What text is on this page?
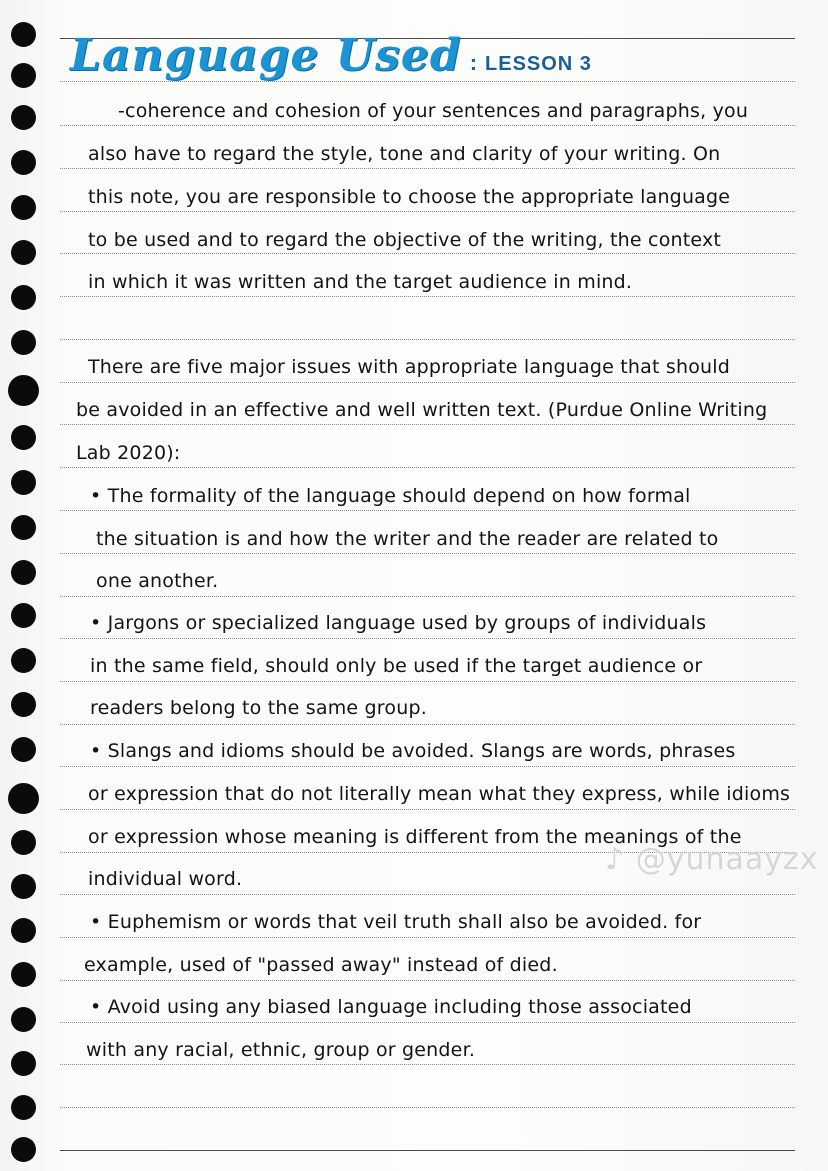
Language Used : LESSON 3
-coherence and cohesion of your sentences and paragraphs, you
also have to regard the style, tone and clarity of your writing. On
this note, you are responsible to choose the appropriate language
to be used and to regard the objective of the writing, the context
in which it was written and the target audience in mind.
There are five major issues with appropriate language that should
be avoided in an effective and well written text. (Purdue Online Writing
Lab 2020):
• The formality of the language should depend on how formal
the situation is and how the writer and the reader are related to
one another.
• Jargons or specialized language used by groups of individuals
in the same field, should only be used if the target audience or
readers belong to the same group.
• Slangs and idioms should be avoided. Slangs are words, phrases
or expression that do not literally mean what they express, while idioms
or expression whose meaning is different from the meanings of the
individual word.
• Euphemism or words that veil truth shall also be avoided. for
example, used of "passed away" instead of died.
• Avoid using any biased language including those associated
with any racial, ethnic, group or gender.
♪ @yunaayzx
